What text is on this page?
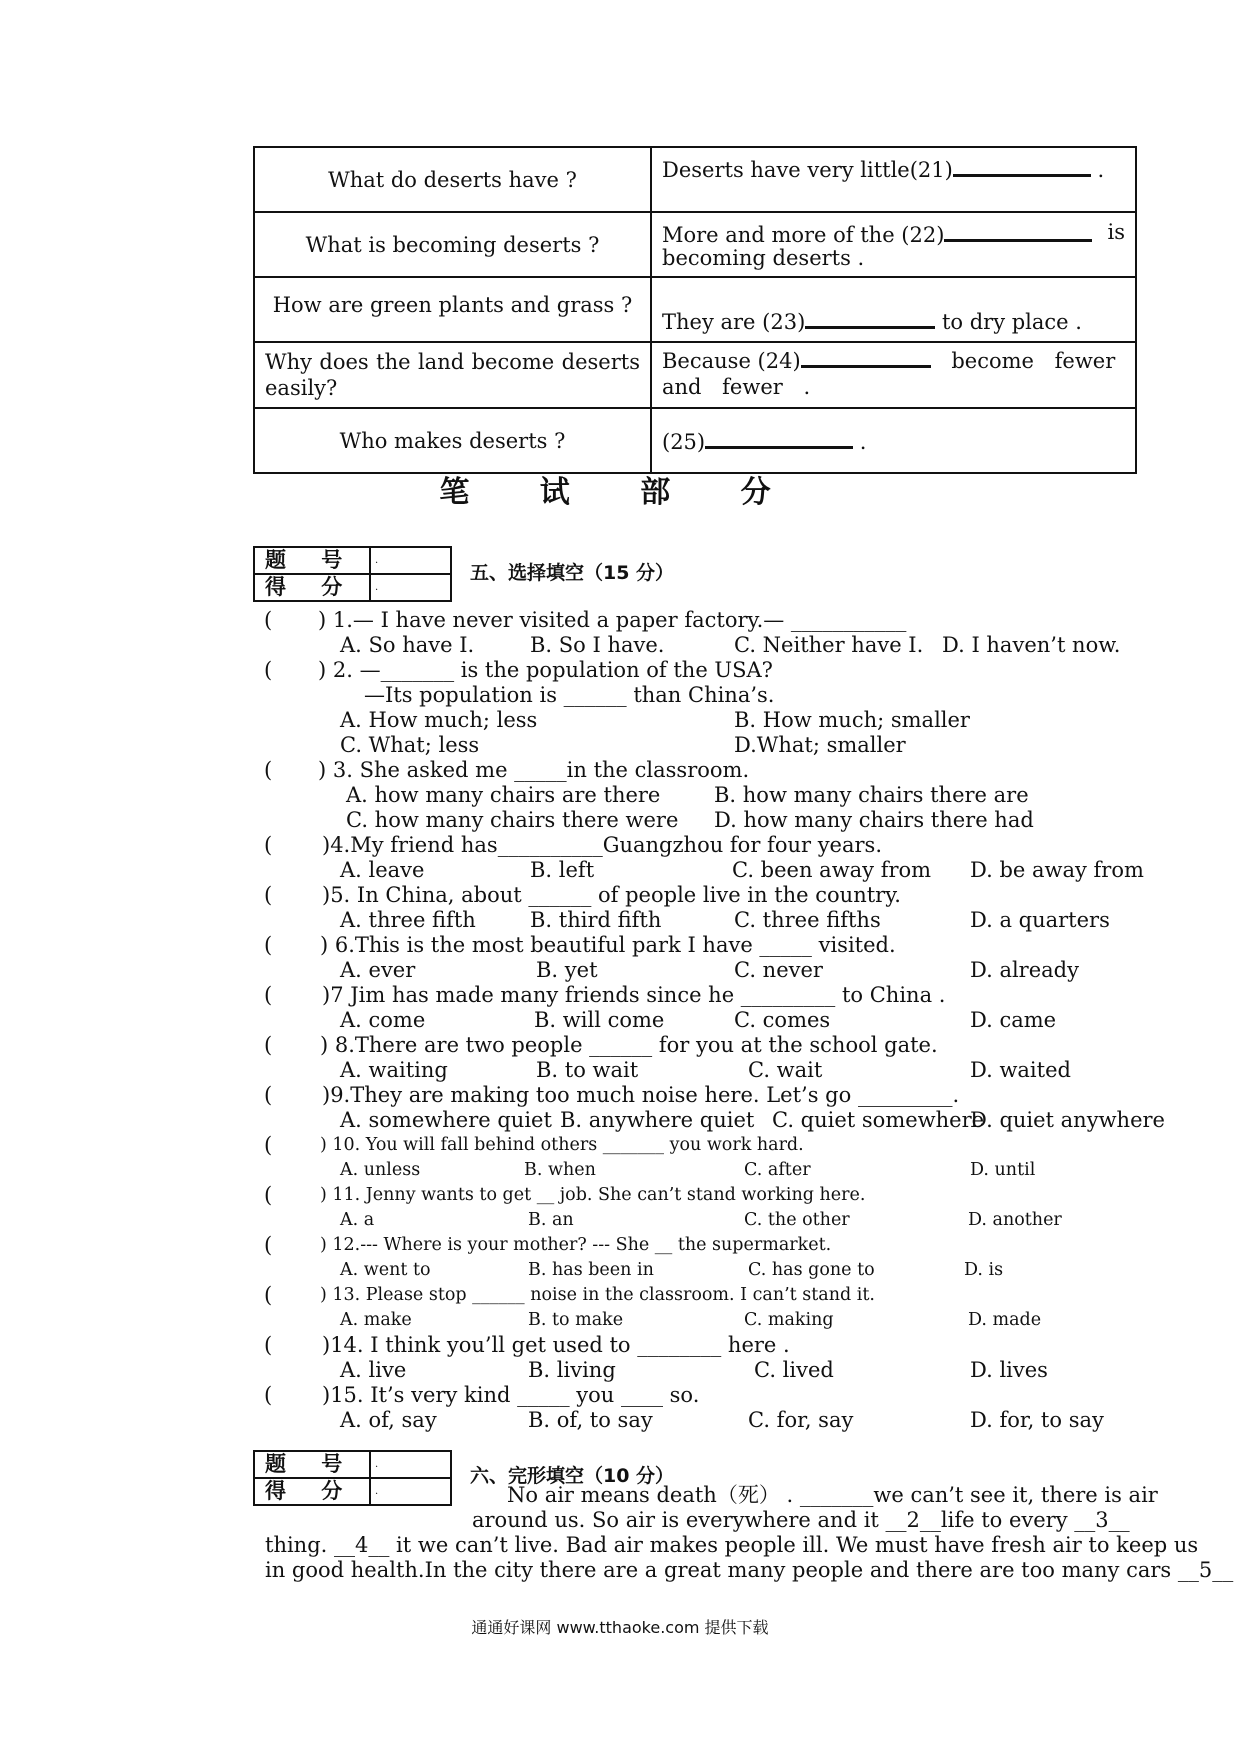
What do deserts have ?	Deserts have very little(21) .
What is becoming deserts ?	More and more of the (22) is
becoming deserts .

How are green plants and grass ?	They are (23) to dry place .
Why does the land become deserts easily?	Because (24) become fewer and fewer .
Who makes deserts ?	(25) .
笔 试 部 分
题 号	.
得 分	.
五、选择填空（15 分）
( ) 1.— I have never visited a paper factory.— ___________
A. So have I.	B. So I have.	C. Neither have I. D. I haven’t now.
( ) 2. —_______ is the population of the USA?
—Its population is ______ than China’s.
A. How much; less	B. How much; smaller
C. What; less	D.What; smaller
( ) 3. She asked me _____in the classroom.
A. how many chairs are there	B. how many chairs there are
C. how many chairs there were D. how many chairs there had
( )4.My friend has__________Guangzhou for four years.
A. leave	B. left	C. been away from D. be away from
( )5. In China, about ______ of people live in the country.
A. three fifth	B. third fifth	C. three fifths	D. a quarters
( ) 6.This is the most beautiful park I have _____ visited.
A. ever	B. yet	C. never	D. already
( )7 Jim has made many friends since he _________ to China .
A. come	B. will come	C. comes	D. came
( ) 8.There are two people ______ for you at the school gate.
A. waiting	B. to wait	C. wait	D. waited
( )9.They are making too much noise here. Let’s go _________.
A. somewhere quiet B. anywhere quiet C. quiet somewhere
D. quiet anywhere
(	) 10. You will fall behind others _______ you work hard.
A. unless	B. when	C. after	D. until
(	) 11. Jenny wants to get __ job. She can’t stand working here.
A. a	B. an	C. the other	D. another
(	) 12.--- Where is your mother? --- She __ the supermarket.
A. went to	B. has been in	C. has gone to	D. is
(	) 13. Please stop ______ noise in the classroom. I can’t stand it.
A. make	B. to make	C. making	D. made
( )14. I think you’ll get used to ________ here .
A. live	B. living	C. lived	D. lives
( )15. It’s very kind _____ you ____ so.
A. of, say	B. of, to say	C. for, say	D. for, to say
题 号	.
得 分	.
六、完形填空（10 分）
No air means death（死） . _______we can’t see it, there is air
around us. So air is everywhere and it __2__life to every __3__
thing. __4__ it we can’t live. Bad air makes people ill. We must have fresh air to keep us
in good health.In the city there are a great many people and there are too many cars __5__
通通好课网 www.tthaoke.com 提供下载
